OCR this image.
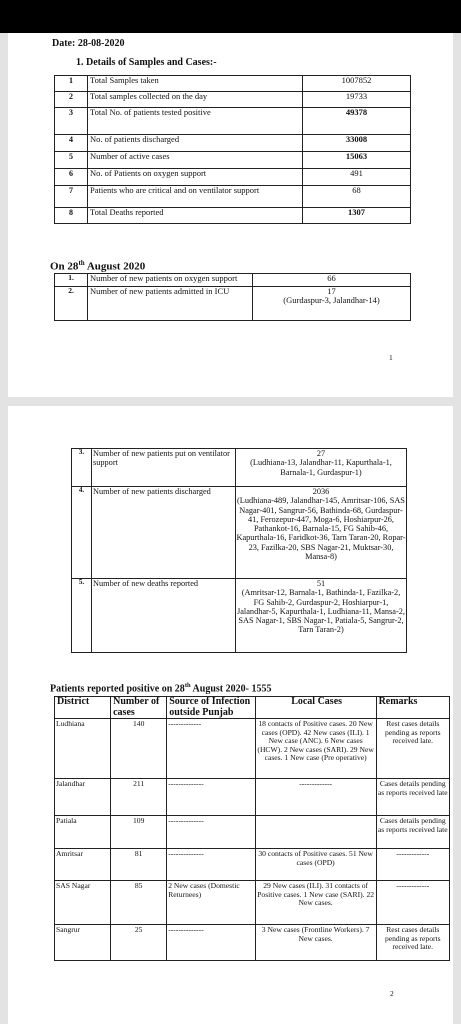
Date: 28-08-2020
1. Details of Samples and Cases:-
1	Total Samples taken	1007852
2	Total samples collected on the day	19733
3	Total No. of patients tested positive	49378
4	No. of patients discharged	33008
5	Number of active cases	15063
6	No. of Patients on oxygen support	491
7	Patients who are critical and on ventilator support	68
8	Total Deaths reported	1307
On 28th August 2020
1.	Number of new patients on oxygen support	66

2.	Number of new patients admitted in ICU	17
(Gurdaspur-3, Jalandhar-14)
1
3.	Number of new patients put on ventilator support	27
(Ludhiana-13, Jalandhar-11, Kapurthala-1, Barnala-1, Gurdaspur-1)

4.	Number of new patients discharged	2036
(Ludhiana-489, Jalandhar-145, Amritsar-106, SAS Nagar-401, Sangrur-56, Bathinda-68, Gurdaspur-41, Ferozepur-447, Moga-6, Hoshiarpur-26, Pathankot-16, Barnala-15, FG Sahib-46, Kapurthala-16, Faridkot-36, Tarn Taran-20, Ropar-23, Fazilka-20, SBS Nagar-21, Muktsar-30, Mansa-8)

5.	Number of new deaths reported	51
(Amritsar-12, Barnala-1, Bathinda-1, Fazilka-2, FG Sahib-2, Gurdaspur-2, Hoshiarpur-1, Jalandhar-5, Kapurthala-1, Ludhiana-11, Mansa-2, SAS Nagar-1, SBS Nagar-1, Patiala-5, Sangrur-2, Tarn Taran-2)
Patients reported positive on 28th August 2020- 1555
District	Number of cases	Source of Infection outside Punjab	Local Cases	Remarks
Ludhiana	140	-------------	18 contacts of Positive cases. 20 New cases (OPD). 42 New cases (ILI). 1 New case (ANC). 6 New cases (HCW). 2 New cases (SARI). 29 New cases. 1 New case (Pre operative)	Rest cases details pending as reports received late.
Jalandhar	211	--------------	-------------	Cases details pending as reports received late
Patiala	109	--------------		Cases details pending as reports received late
Amritsar	81	--------------	30 contacts of Positive cases. 51 New cases (OPD)	-------------
SAS Nagar	85	2 New cases (Domestic Returnees)	29 New cases (ILI). 31 contacts of Positive cases. 1 New case (SARI). 22 New cases.	-------------
Sangrur	25	--------------	3 New cases (Frontline Workers). 7 New cases.	Rest cases details pending as reports received late.
2
